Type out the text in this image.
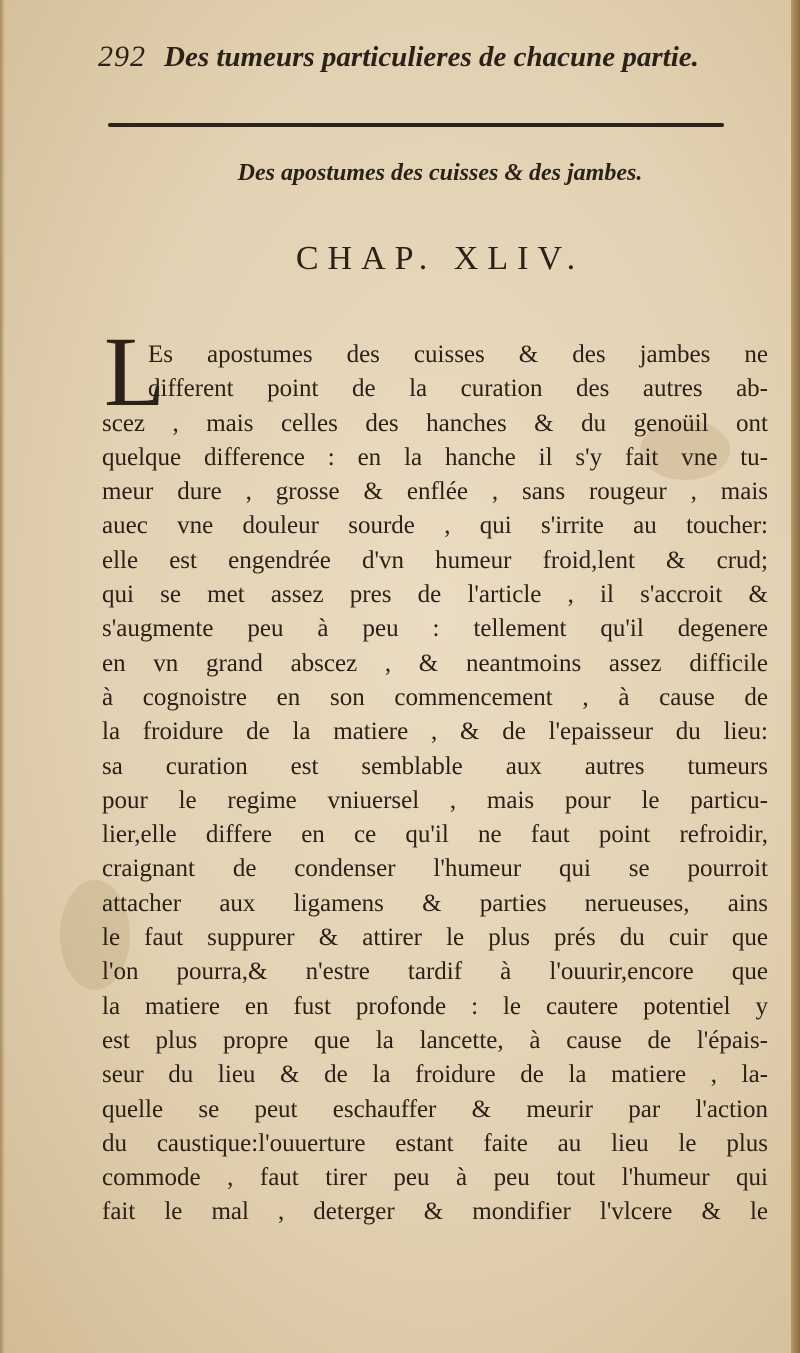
292 Des tumeurs particulieres de chacune partie.
Des apostumes des cuisses & des jambes.
CHAP. XLIV.
L
Es apostumes des cuisses & des jambes ne
different point de la curation des autres ab-
scez , mais celles des hanches & du genoüil ont
quelque difference : en la hanche il s'y fait vne tu-
meur dure , grosse & enflée , sans rougeur , mais
auec vne douleur sourde , qui s'irrite au toucher:
elle est engendrée d'vn humeur froid,lent & crud;
qui se met assez pres de l'article , il s'accroit &
s'augmente peu à peu : tellement qu'il degenere
en vn grand abscez , & neantmoins assez difficile
à cognoistre en son commencement , à cause de
la froidure de la matiere , & de l'epaisseur du lieu:
sa curation est semblable aux autres tumeurs
pour le regime vniuersel , mais pour le particu-
lier,elle differe en ce qu'il ne faut point refroidir,
craignant de condenser l'humeur qui se pourroit
attacher aux ligamens & parties nerueuses, ains
le faut suppurer & attirer le plus prés du cuir que
l'on pourra,& n'estre tardif à l'ouurir,encore que
la matiere en fust profonde : le cautere potentiel y
est plus propre que la lancette, à cause de l'épais-
seur du lieu & de la froidure de la matiere , la-
quelle se peut eschauffer & meurir par l'action
du caustique:l'ouuerture estant faite au lieu le plus
commode , faut tirer peu à peu tout l'humeur qui
fait le mal , deterger & mondifier l'vlcere & le
